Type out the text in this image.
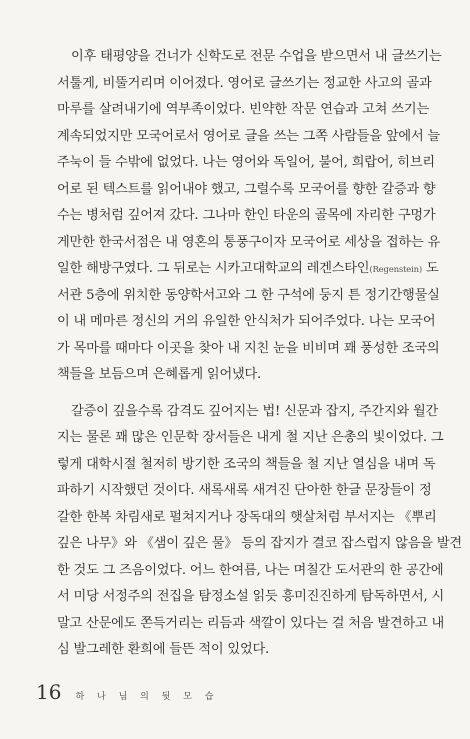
이후 태평양을 건너가 신학도로 전문 수업을 받으면서 내 글쓰기는
서툴게, 비뚤거리며 이어졌다. 영어로 글쓰기는 정교한 사고의 골과
마루를 살려내기에 역부족이었다. 빈약한 작문 연습과 고쳐 쓰기는
계속되었지만 모국어로서 영어로 글을 쓰는 그쪽 사람들을 앞에서 늘
주눅이 들 수밖에 없었다. 나는 영어와 독일어, 불어, 희랍어, 히브리
어로 된 텍스트를 읽어내야 했고, 그럴수록 모국어를 향한 갈증과 향
수는 병처럼 깊어져 갔다. 그나마 한인 타운의 골목에 자리한 구멍가
게만한 한국서점은 내 영혼의 통풍구이자 모국어로 세상을 접하는 유
일한 해방구였다. 그 뒤로는 시카고대학교의 레겐스타인(Regenstein) 도
서관 5층에 위치한 동양학서고와 그 한 구석에 둥지 튼 정기간행물실
이 내 메마른 정신의 거의 유일한 안식처가 되어주었다. 나는 모국어
가 목마를 때마다 이곳을 찾아 내 지친 눈을 비비며 꽤 풍성한 조국의
책들을 보듬으며 은혜롭게 읽어냈다.
갈증이 깊을수록 감격도 깊어지는 법! 신문과 잡지, 주간지와 월간
지는 물론 꽤 많은 인문학 장서들은 내게 철 지난 은총의 빛이었다. 그
렇게 대학시절 철저히 방기한 조국의 책들을 철 지난 열심을 내며 독
파하기 시작했던 것이다. 새록새록 새겨진 단아한 한글 문장들이 정
갈한 한복 차림새로 펄쳐지거나 장독대의 햇살처럼 부서지는 《뿌리
깊은 나무》와 《샘이 깊은 물》 등의 잡지가 결코 잡스럽지 않음을 발견
한 것도 그 즈음이었다. 어느 한여름, 나는 며칠간 도서관의 한 공간에
서 미당 서정주의 전집을 탐정소설 읽듯 흥미진진하게 탐독하면서, 시
말고 산문에도 쫀득거리는 리듬과 색깔이 있다는 걸 처음 발견하고 내
심 발그레한 환희에 들뜬 적이 있었다.
16 하 나 님 의 뒷 모 습
